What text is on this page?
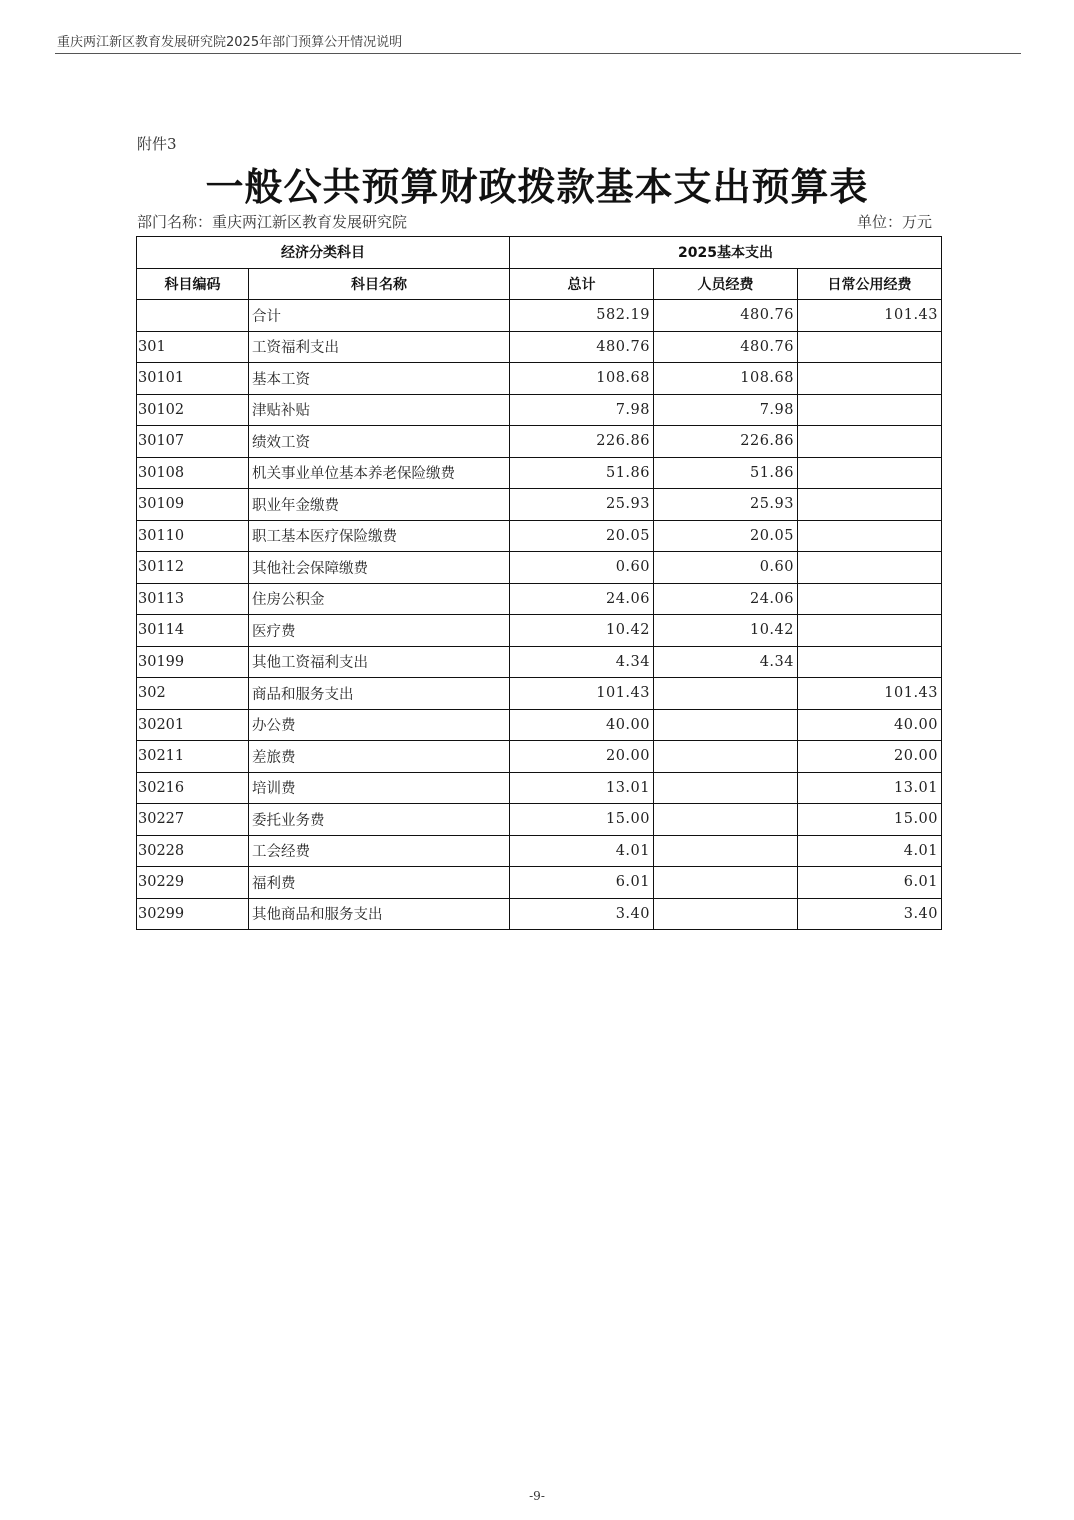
重庆两江新区教育发展研究院2025年部门预算公开情况说明
附件3
一般公共预算财政拨款基本支出预算表
部门名称：重庆两江新区教育发展研究院	单位：万元
经济分类科目		2025基本支出		
科目编码	科目名称	总计	人员经费	日常公用经费
	合计	582.19	480.76	101.43
301	工资福利支出	480.76	480.76	
30101	基本工资	108.68	108.68	
30102	津贴补贴	7.98	7.98	
30107	绩效工资	226.86	226.86	
30108	机关事业单位基本养老保险缴费	51.86	51.86	
30109	职业年金缴费	25.93	25.93	
30110	职工基本医疗保险缴费	20.05	20.05	
30112	其他社会保障缴费	0.60	0.60	
30113	住房公积金	24.06	24.06	
30114	医疗费	10.42	10.42	
30199	其他工资福利支出	4.34	4.34	
302	商品和服务支出	101.43		101.43
30201	办公费	40.00		40.00
30211	差旅费	20.00		20.00
30216	培训费	13.01		13.01
30227	委托业务费	15.00		15.00
30228	工会经费	4.01		4.01
30229	福利费	6.01		6.01
30299	其他商品和服务支出	3.40		3.40
-9-
